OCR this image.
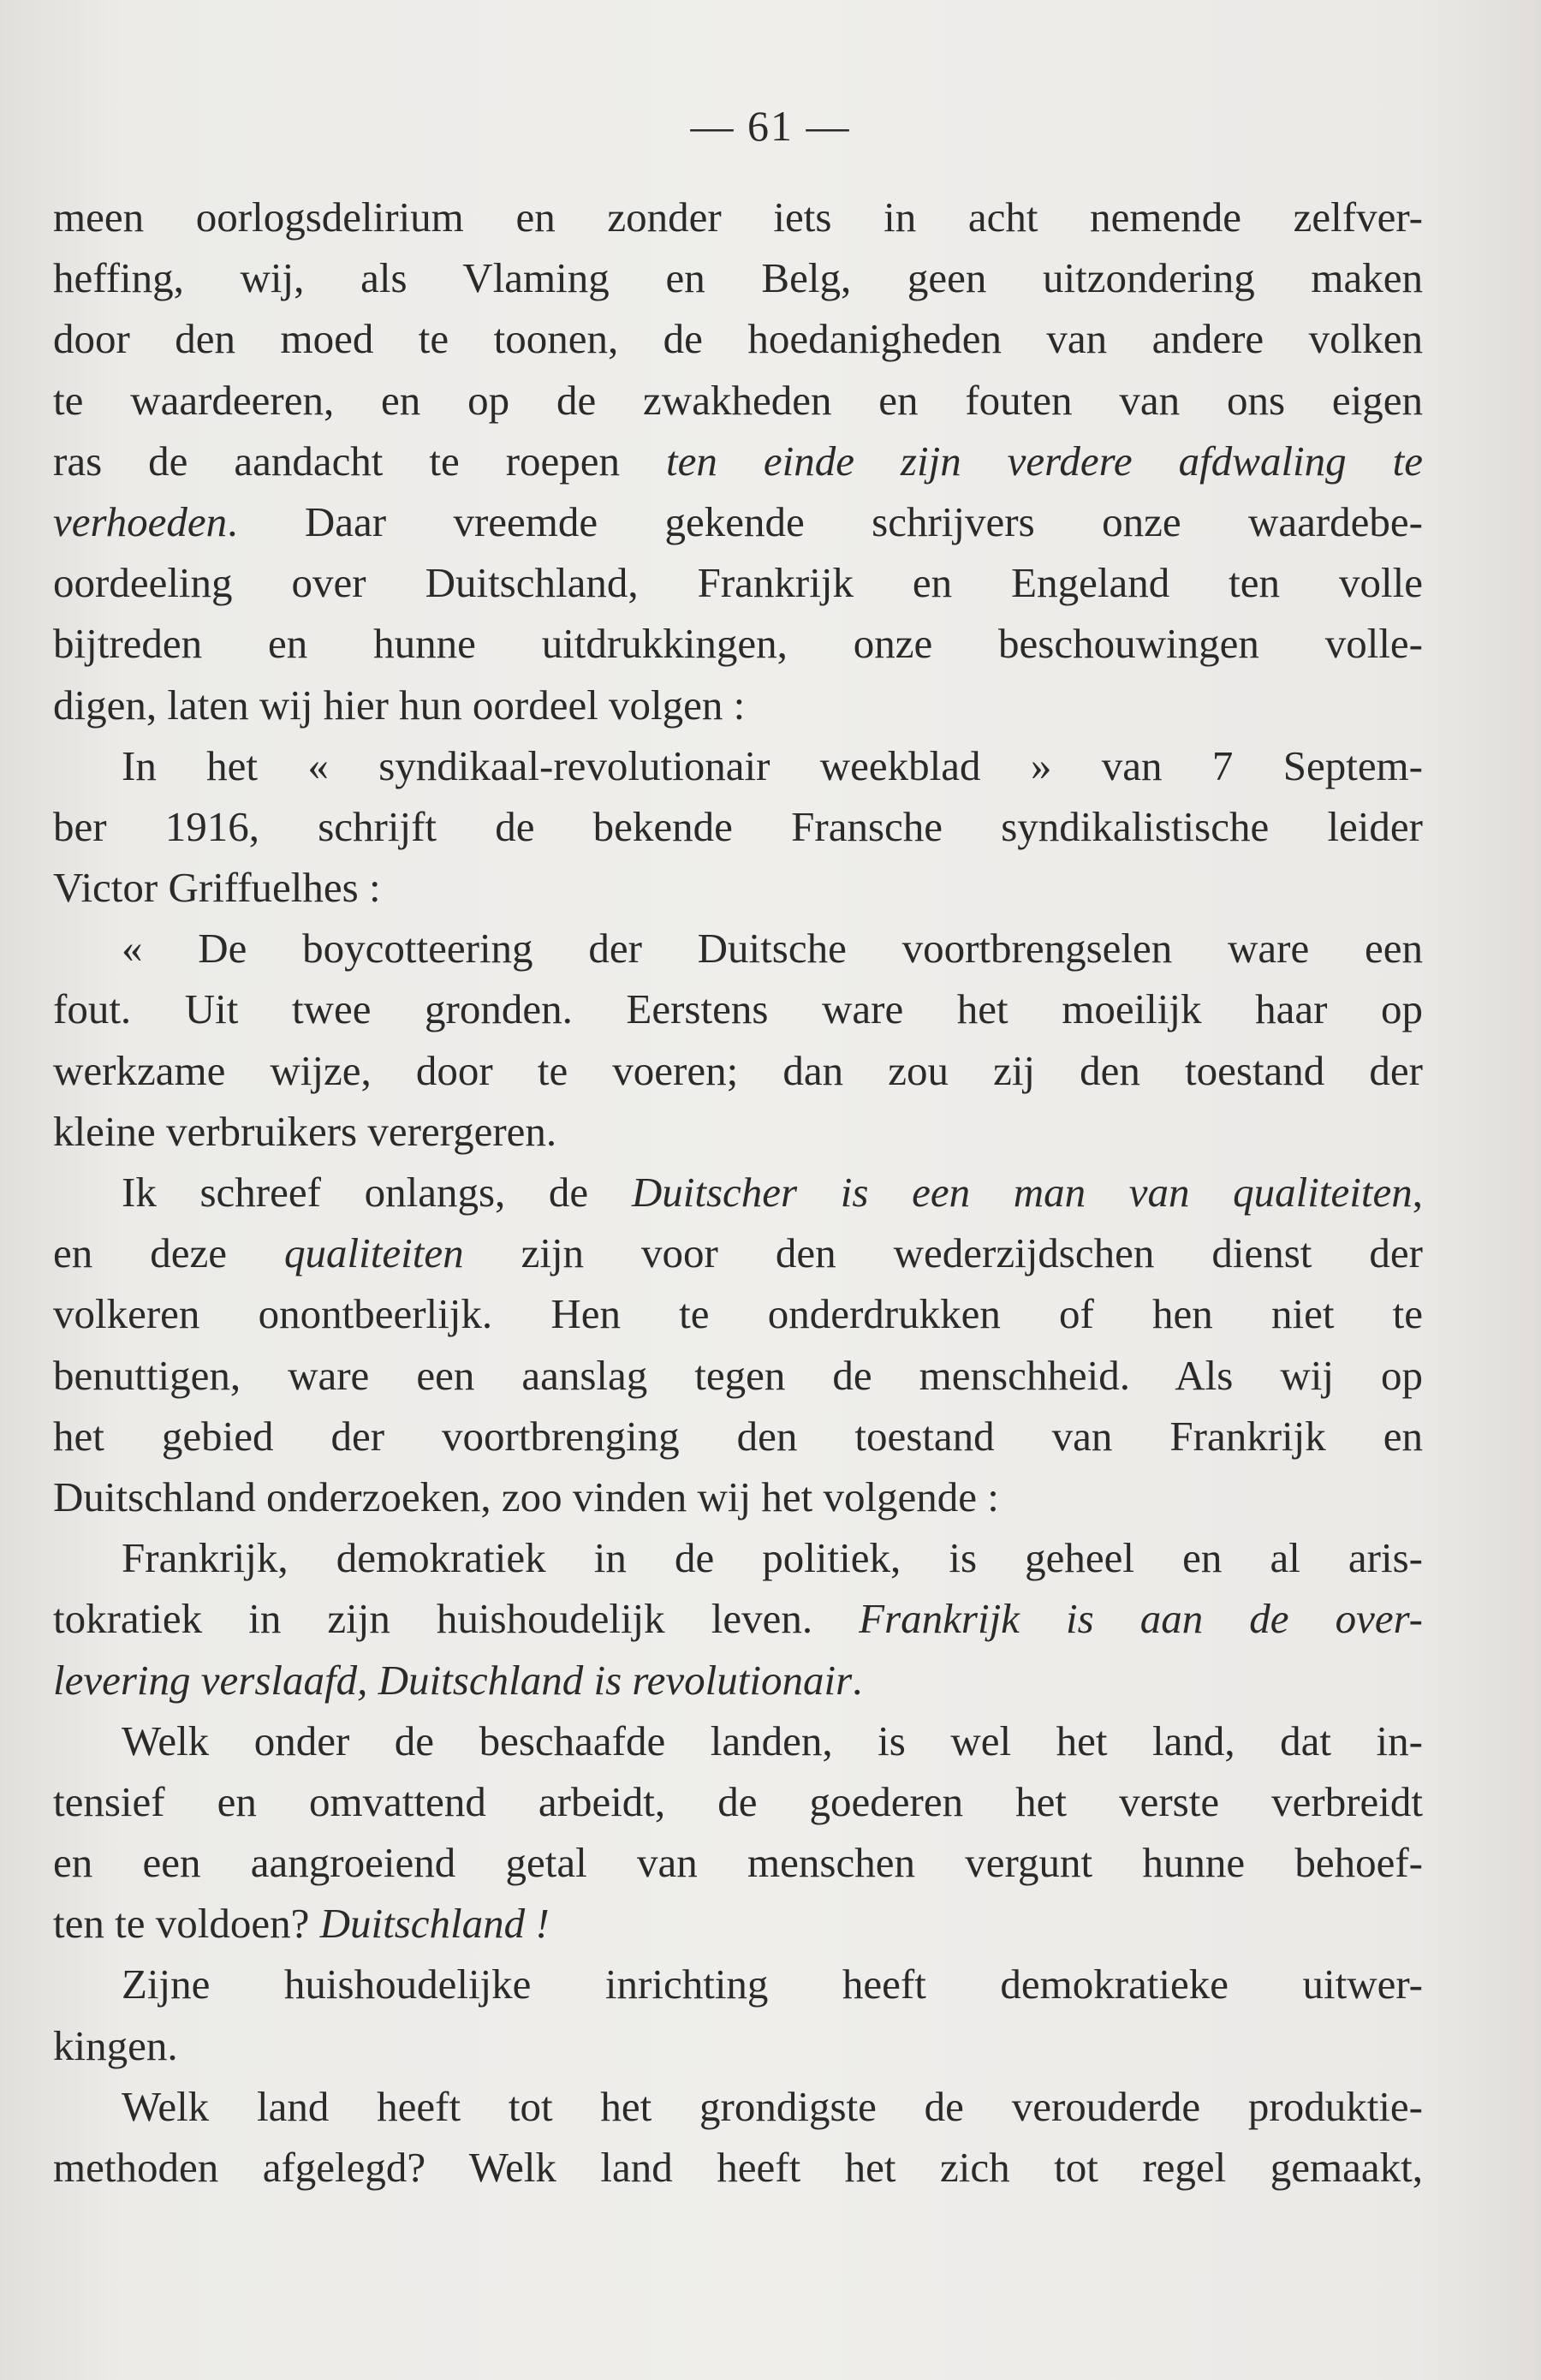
— 61 —
meen oorlogsdelirium en zonder iets in acht nemende zelfver-
heffing, wij, als Vlaming en Belg, geen uitzondering maken
door den moed te toonen, de hoedanigheden van andere volken
te waardeeren, en op de zwakheden en fouten van ons eigen
ras de aandacht te roepen ten einde zijn verdere afdwaling te
verhoeden. Daar vreemde gekende schrijvers onze waardebe-
oordeeling over Duitschland, Frankrijk en Engeland ten volle
bijtreden en hunne uitdrukkingen, onze beschouwingen volle-
digen, laten wij hier hun oordeel volgen :
In het « syndikaal-revolutionair weekblad » van 7 Septem-
ber 1916, schrijft de bekende Fransche syndikalistische leider
Victor Griffuelhes :
« De boycotteering der Duitsche voortbrengselen ware een
fout. Uit twee gronden. Eerstens ware het moeilijk haar op
werkzame wijze, door te voeren; dan zou zij den toestand der
kleine verbruikers verergeren.
Ik schreef onlangs, de Duitscher is een man van qualiteiten,
en deze qualiteiten zijn voor den wederzijdschen dienst der
volkeren onontbeerlijk. Hen te onderdrukken of hen niet te
benuttigen, ware een aanslag tegen de menschheid. Als wij op
het gebied der voortbrenging den toestand van Frankrijk en
Duitschland onderzoeken, zoo vinden wij het volgende :
Frankrijk, demokratiek in de politiek, is geheel en al aris-
tokratiek in zijn huishoudelijk leven. Frankrijk is aan de over-
levering verslaafd, Duitschland is revolutionair.
Welk onder de beschaafde landen, is wel het land, dat in-
tensief en omvattend arbeidt, de goederen het verste verbreidt
en een aangroeiend getal van menschen vergunt hunne behoef-
ten te voldoen? Duitschland !
Zijne huishoudelijke inrichting heeft demokratieke uitwer-
kingen.
Welk land heeft tot het grondigste de verouderde produktie-
methoden afgelegd? Welk land heeft het zich tot regel gemaakt,
